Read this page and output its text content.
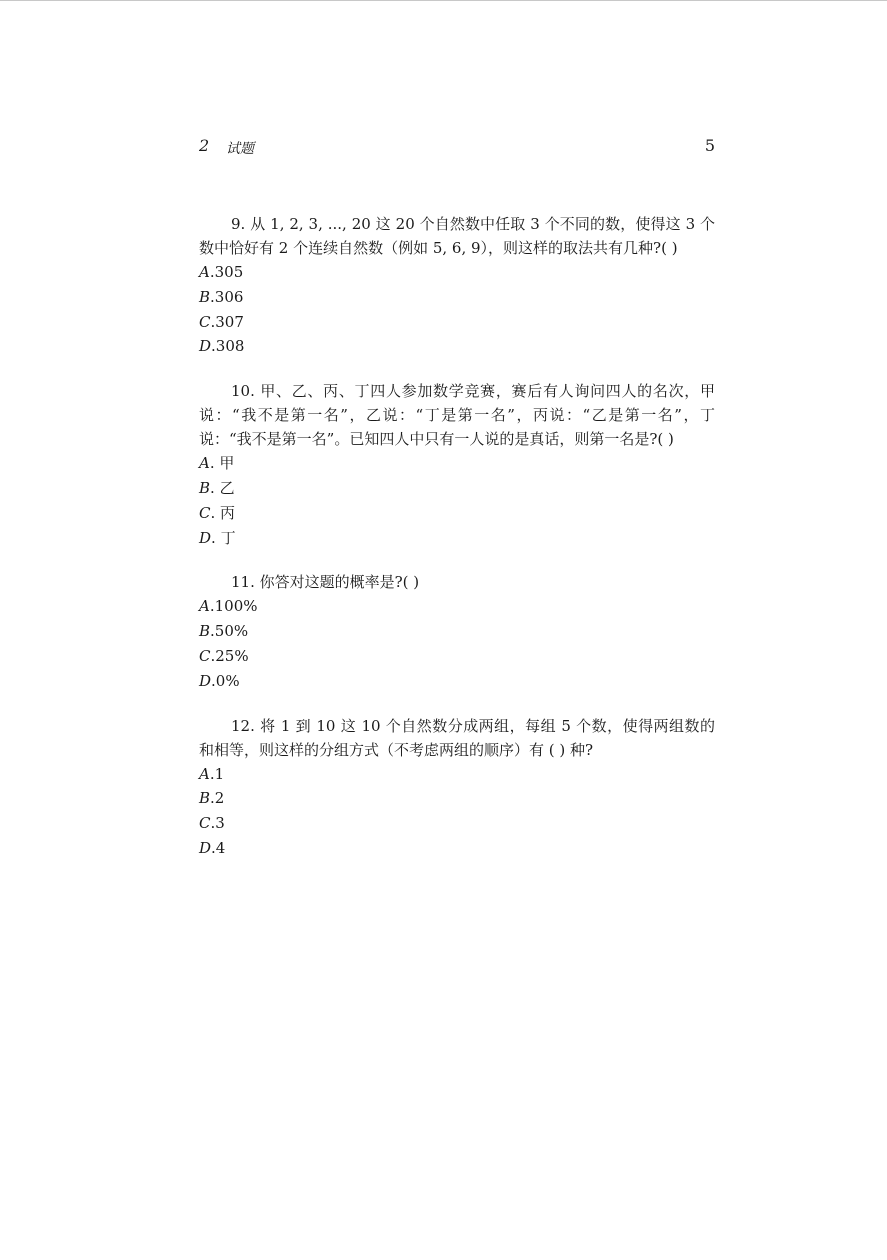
2 试题	5

9. 从 1, 2, 3, ..., 20 这 20 个自然数中任取 3 个不同的数，使得这 3 个数中恰好有 2 个连续自然数（例如 5, 6, 9），则这样的取法共有几种?( )

A.305

B.306

C.307

D.308

10. 甲、乙、丙、丁四人参加数学竞赛，赛后有人询问四人的名次，甲说：“我不是第一名”，乙说：“丁是第一名”，丙说：“乙是第一名”，丁说：“我不是第一名”。已知四人中只有一人说的是真话，则第一名是?( )

A. 甲

B. 乙

C. 丙

D. 丁

11. 你答对这题的概率是?( )

A.100%

B.50%

C.25%

D.0%

12. 将 1 到 10 这 10 个自然数分成两组，每组 5 个数，使得两组数的和相等，则这样的分组方式（不考虑两组的顺序）有 ( ) 种?

A.1

B.2

C.3

D.4
